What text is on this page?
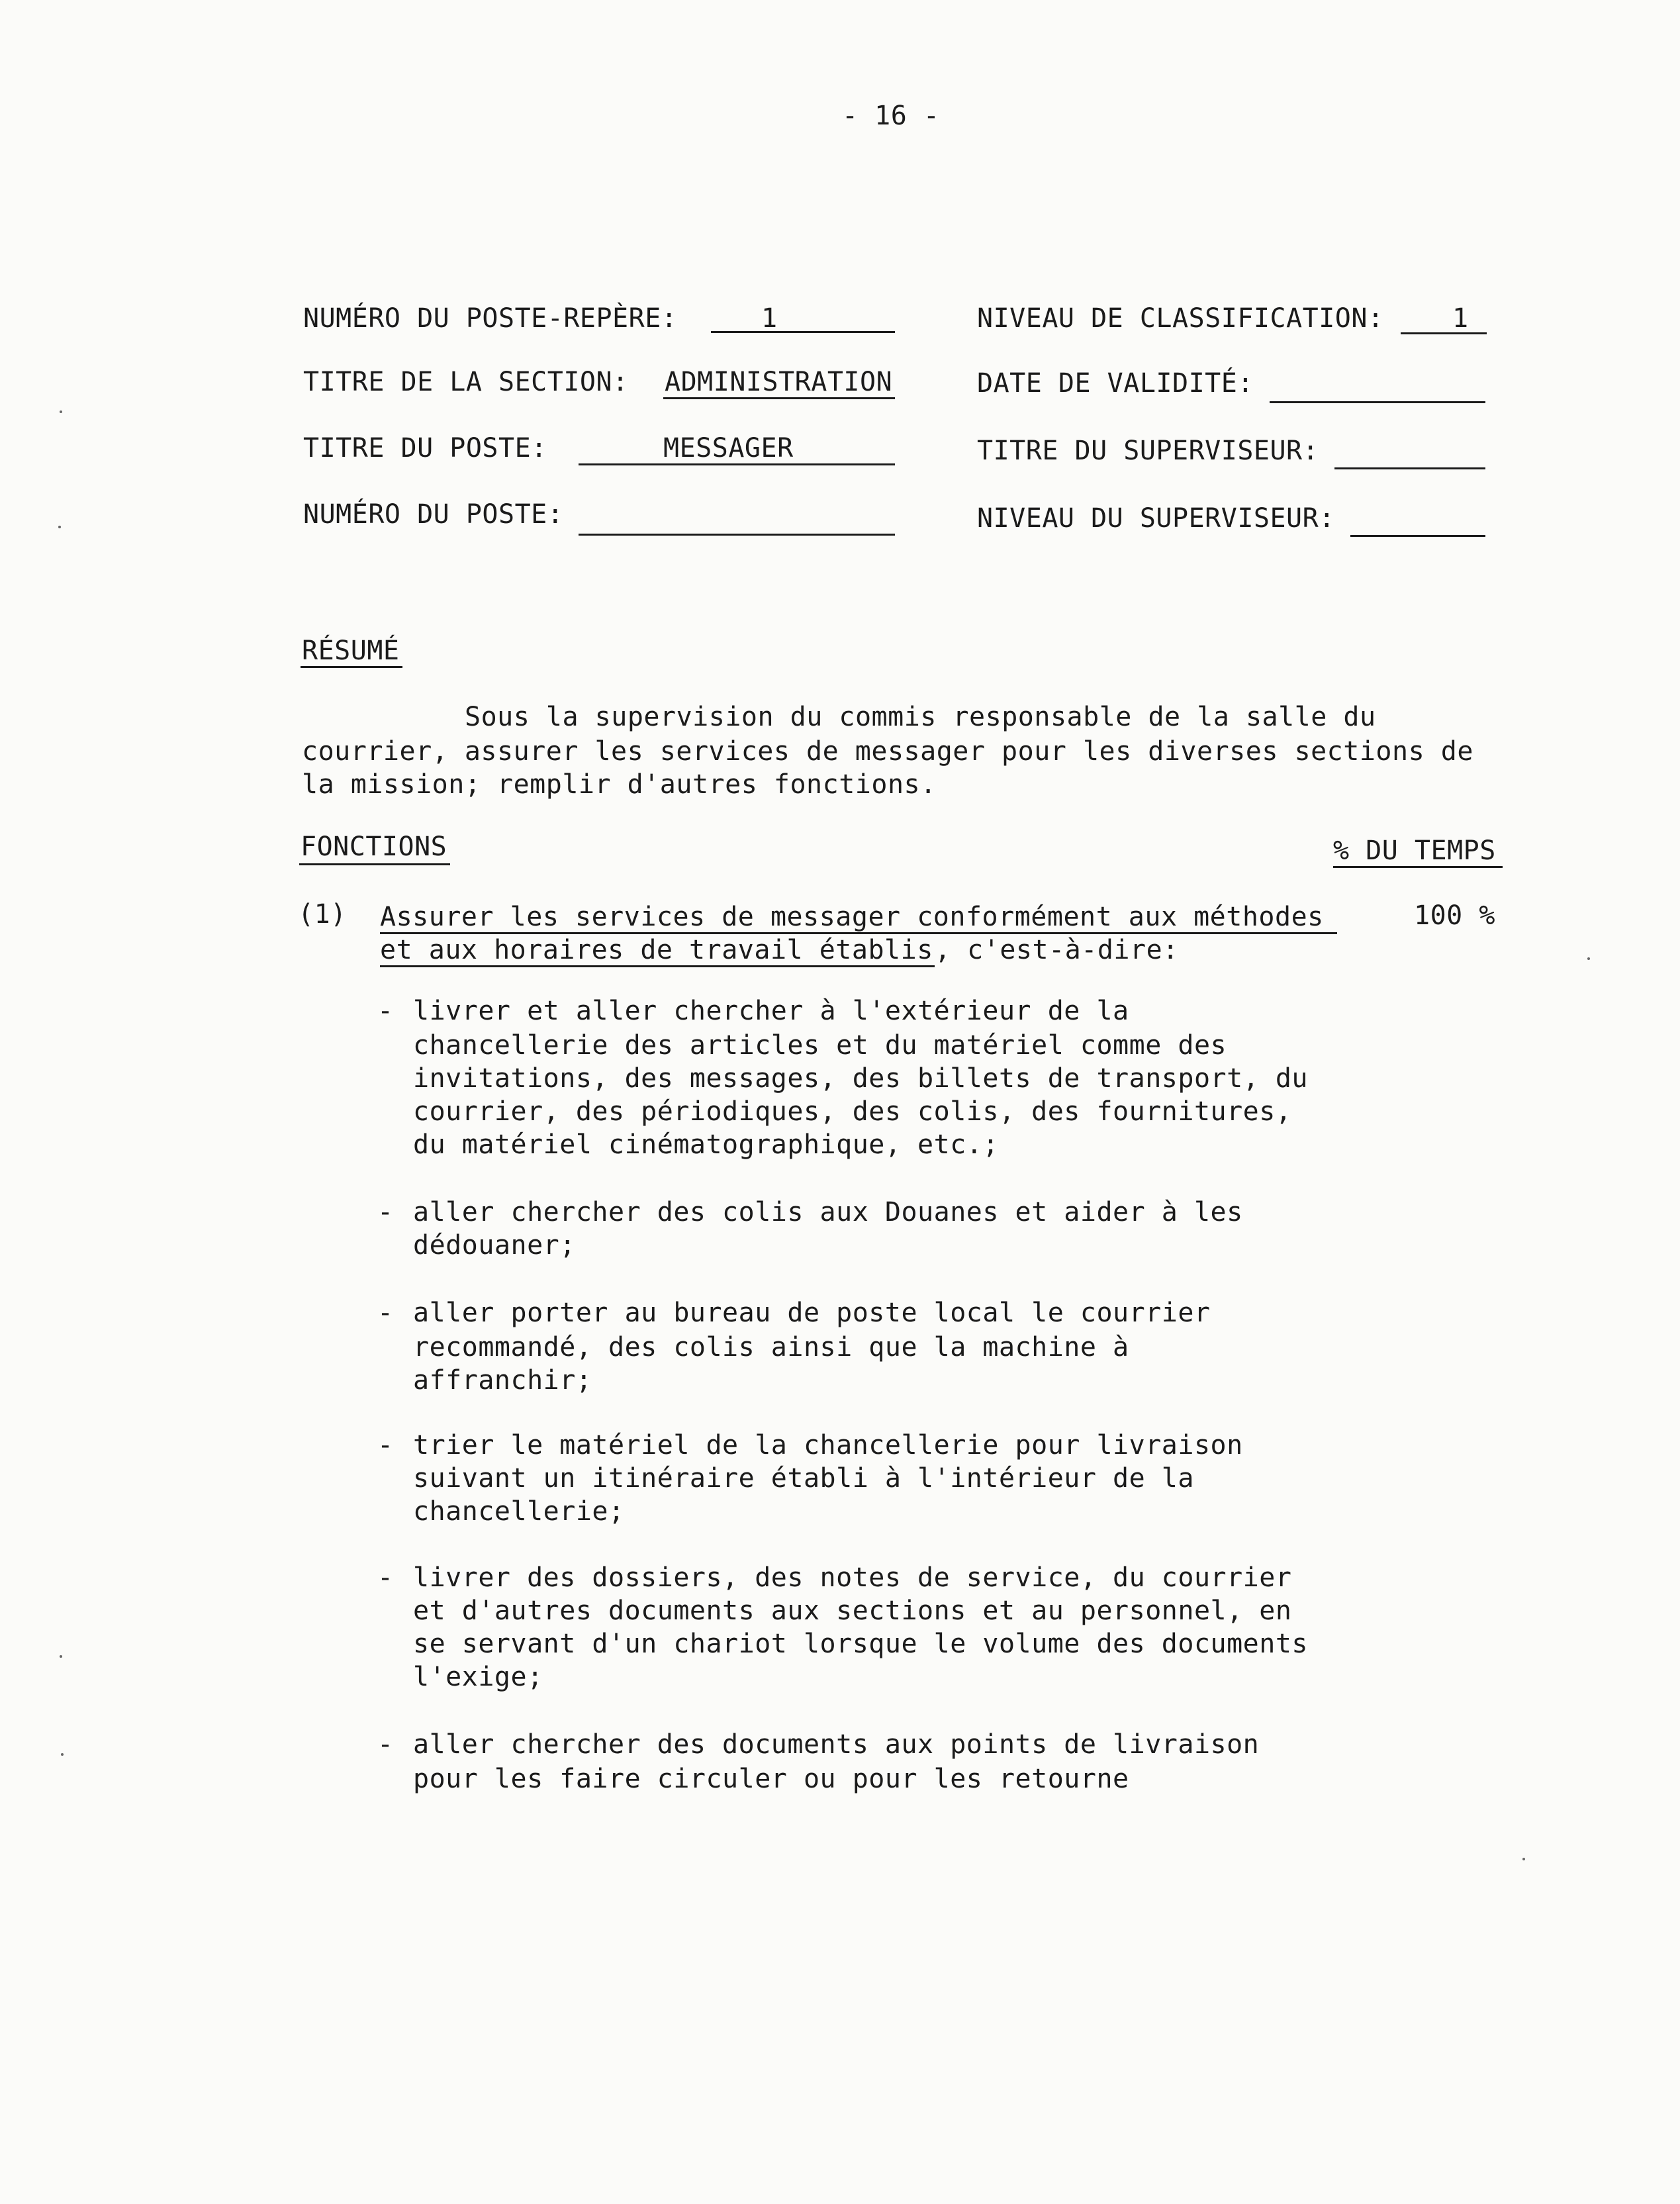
- 16 -
NUMÉRO DU POSTE-REPÈRE:	1
TITRE DE LA SECTION: ADMINISTRATION
TITRE DU POSTE:	MESSAGER
NUMÉRO DU POSTE:
NIVEAU DE CLASSIFICATION:	1
DATE DE VALIDITÉ:
TITRE DU SUPERVISEUR:
NIVEAU DU SUPERVISEUR:
RÉSUMÉ
Sous la supervision du commis responsable de la salle du
courrier, assurer les services de messager pour les diverses sections de
la mission; remplir d'autres fonctions.
FONCTIONS	% DU TEMPS
(1) Assurer les services de messager conformément aux méthodes
et aux horaires de travail établis , c'est-à-dire:
100 %
- livrer et aller chercher à l'extérieur de la
chancellerie des articles et du matériel comme des
invitations, des messages, des billets de transport, du
courrier, des périodiques, des colis, des fournitures,
du matériel cinématographique, etc.;
- aller chercher des colis aux Douanes et aider à les
dédouaner;
- aller porter au bureau de poste local le courrier
recommandé, des colis ainsi que la machine à
affranchir;
- trier le matériel de la chancellerie pour livraison
suivant un itinéraire établi à l'intérieur de la
chancellerie;
- livrer des dossiers, des notes de service, du courrier
et d'autres documents aux sections et au personnel, en
se servant d'un chariot lorsque le volume des documents
l'exige;
- aller chercher des documents aux points de livraison
pour les faire circuler ou pour les retourne
